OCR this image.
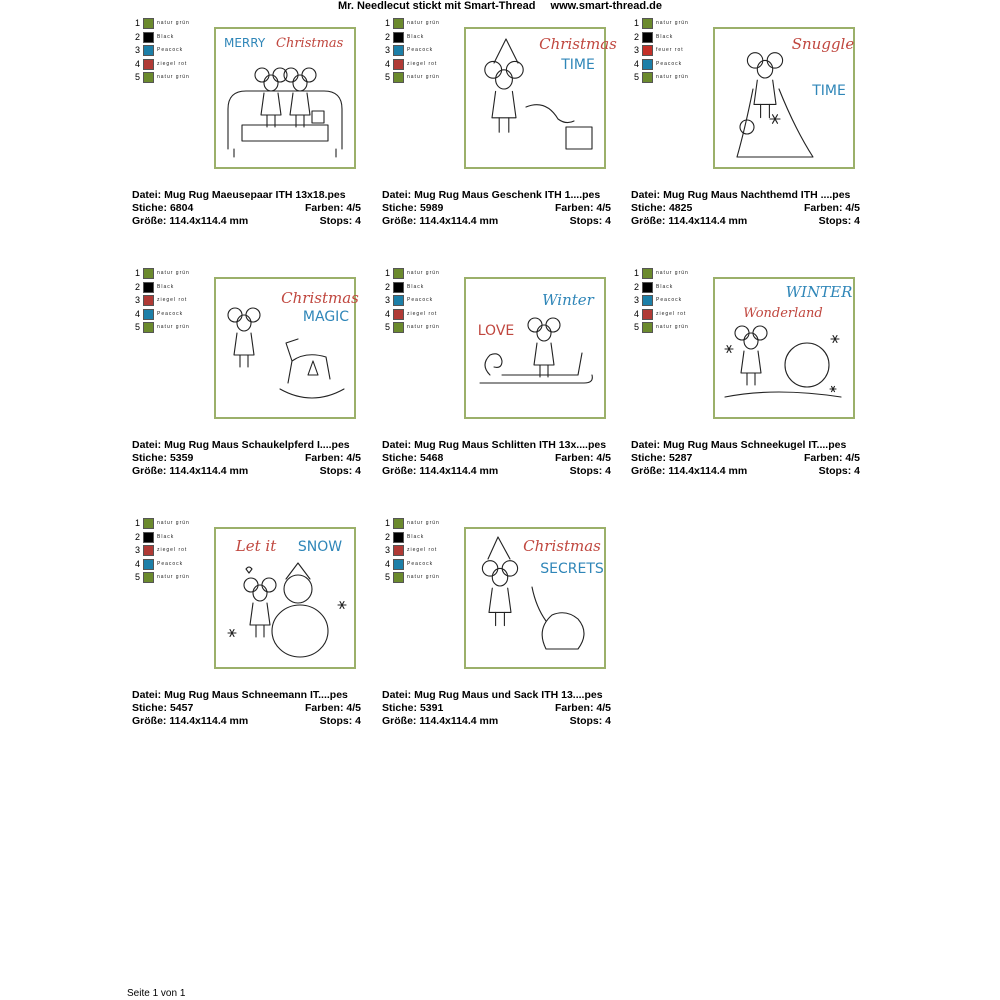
Mr. Needlecut stickt mit Smart-Thread www.smart-thread.de
1	natur grün
2	Black
3	Peacock
4	ziegel rot
5	natur grün
MERRY Christmas
Datei: Mug Rug Maeusepaar ITH 13x18.pes
Stiche: 6804	Farben: 4/5
Größe: 114.4x114.4 mm	Stops: 4
1	natur grün
2	Black
3	Peacock
4	ziegel rot
5	natur grün
Christmas
TIME
Datei: Mug Rug Maus Geschenk ITH 1....pes
Stiche: 5989	Farben: 4/5
Größe: 114.4x114.4 mm	Stops: 4
1	natur grün
2	Black
3	feuer rot
4	Peacock
5	natur grün
Snuggle
TIME
Datei: Mug Rug Maus Nachthemd ITH ....pes
Stiche: 4825	Farben: 4/5
Größe: 114.4x114.4 mm	Stops: 4
1	natur grün
2	Black
3	ziegel rot
4	Peacock
5	natur grün
Christmas
MAGIC
Datei: Mug Rug Maus Schaukelpferd I....pes
Stiche: 5359	Farben: 4/5
Größe: 114.4x114.4 mm	Stops: 4
1	natur grün
2	Black
3	Peacock
4	ziegel rot
5	natur grün
Winter
LOVE
Datei: Mug Rug Maus Schlitten ITH 13x....pes
Stiche: 5468	Farben: 4/5
Größe: 114.4x114.4 mm	Stops: 4
1	natur grün
2	Black
3	Peacock
4	ziegel rot
5	natur grün
WINTER
Wonderland
Datei: Mug Rug Maus Schneekugel IT....pes
Stiche: 5287	Farben: 4/5
Größe: 114.4x114.4 mm	Stops: 4
1	natur grün
2	Black
3	ziegel rot
4	Peacock
5	natur grün
Let it SNOW
Datei: Mug Rug Maus Schneemann IT....pes
Stiche: 5457	Farben: 4/5
Größe: 114.4x114.4 mm	Stops: 4
1	natur grün
2	Black
3	ziegel rot
4	Peacock
5	natur grün
Christmas
SECRETS
Datei: Mug Rug Maus und Sack ITH 13....pes
Stiche: 5391	Farben: 4/5
Größe: 114.4x114.4 mm	Stops: 4
Seite 1 von 1
